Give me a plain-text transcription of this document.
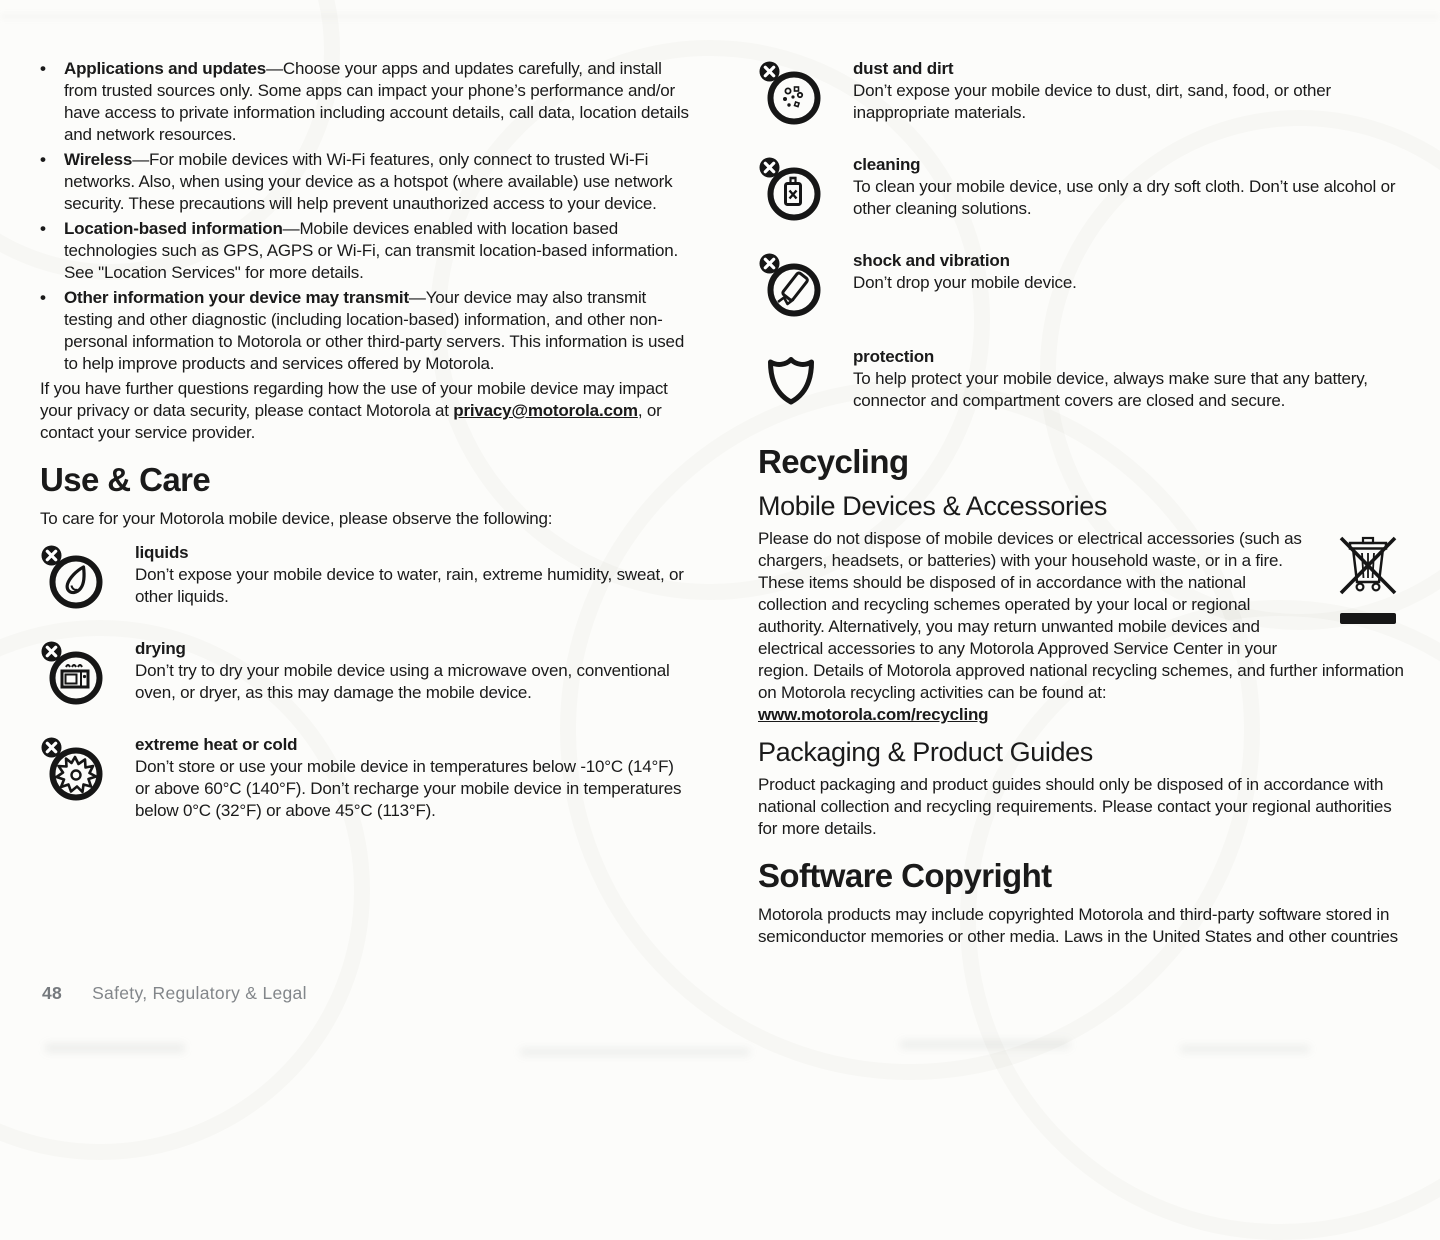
• Applications and updates—Choose your apps and updates carefully, and install from trusted sources only. Some apps can impact your phone’s performance and/or have access to private information including account details, call data, location details and network resources.
• Wireless—For mobile devices with Wi-Fi features, only connect to trusted Wi-Fi networks. Also, when using your device as a hotspot (where available) use network security. These precautions will help prevent unauthorized access to your device.
• Location-based information—Mobile devices enabled with location based technologies such as GPS, AGPS or Wi-Fi, can transmit location-based information. See "Location Services" for more details.
• Other information your device may transmit—Your device may also transmit testing and other diagnostic (including location-based) information, and other non-personal information to Motorola or other third-party servers. This information is used to help improve products and services offered by Motorola.

If you have further questions regarding how the use of your mobile device may impact your privacy or data security, please contact Motorola at privacy@motorola.com, or contact your service provider.

Use & Care

To care for your Motorola mobile device, please observe the following:

liquids
Don’t expose your mobile device to water, rain, extreme humidity, sweat, or other liquids.
drying
Don’t try to dry your mobile device using a microwave oven, conventional oven, or dryer, as this may damage the mobile device.
extreme heat or cold
Don’t store or use your mobile device in temperatures below -10°C (14°F) or above 60°C (140°F). Don’t recharge your mobile device in temperatures below 0°C (32°F) or above 45°C (113°F).
dust and dirt
Don’t expose your mobile device to dust, dirt, sand, food, or other inappropriate materials.
cleaning
To clean your mobile device, use only a dry soft cloth. Don’t use alcohol or other cleaning solutions.
shock and vibration
Don’t drop your mobile device.
protection
To help protect your mobile device, always make sure that any battery, connector and compartment covers are closed and secure.
Recycling
Mobile Devices & Accessories
Please do not dispose of mobile devices or electrical accessories (such as chargers, headsets, or batteries) with your household waste, or in a fire. These items should be disposed of in accordance with the national collection and recycling schemes operated by your local or regional authority. Alternatively, you may return unwanted mobile devices and electrical accessories to any Motorola Approved Service Center in your region. Details of Motorola approved national recycling schemes, and further information on Motorola recycling activities can be found at:
www.motorola.com/recycling
Packaging & Product Guides

Product packaging and product guides should only be disposed of in accordance with national collection and recycling requirements. Please contact your regional authorities for more details.

Software Copyright

Motorola products may include copyrighted Motorola and third-party software stored in semiconductor memories or other media. Laws in the United States and other countries

48 Safety, Regulatory & Legal
